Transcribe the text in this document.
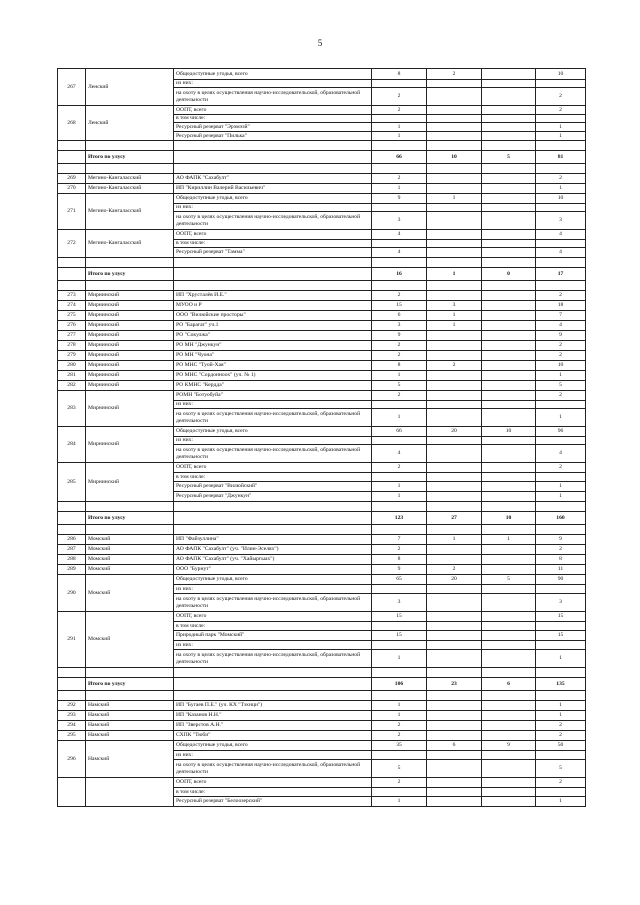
5
267	Ленский	Общедоступные угодья, всего	8	2		10
		из них:				
		на охоту в целях осуществления научно-исследовательской, образовательной деятельности	2			2
268	Ленский	ООПТ, всего	2			2
		в том числе:				
		Ресурсный резерват "Эрэмээй"	1			1
		Ресурсный резерват "Пилька"	1			1

	Итого по улусу		66	10	5	81

269	Мегино-Кангаласский	АО ФАПК "Сахабулт"	2			2
270	Мегино-Кангаласский	ИП "Кириллин Валерий Васильевич"	1			1
271	Мегино-Кангаласский	Общедоступные угодья, всего	9	1		10
		из них:				
		на охоту в целях осуществления научно-исследовательской, образовательной деятельности	3			3
272	Мегино-Кангаласский	ООПТ, всего	4			4
		в том числе:				
		Ресурсный резерват "Тамма"	4			4

	Итого по улусу		16	1	0	17

273	Мирнинский	ИП "Хрусталёв И.Е."	2			2
274	Мирнинский	МУОО и Р	15	3		18
275	Мирнинский	ООО "Вилюйские просторы"	6	1		7
276	Мирнинский	РО "Барагат" уч.1	3	1		4
277	Мирнинский	РО "Сокулжа"	9			9
278	Мирнинский	РО МН "Джункун"	2			2
279	Мирнинский	РО МН "Чуона"	2			2
280	Мирнинский	РО МНС "Туой-Хая"	8	2		10
281	Мирнинский	РО МНС "Сордонноох" (уч. № 1)	1			1
282	Мирнинский	РО КМНС "Кердда"	5			5
283	Мирнинский	РОМН "Ботуобуйа"	2			2
		из них:				
		на охоту в целях осуществления научно-исследовательской, образовательной деятельности	1			1
284	Мирнинский	Общедоступные угодья, всего	66	20	10	96
		из них:				
		на охоту в целях осуществления научно-исследовательской, образовательной деятельности	4			4
285	Мирнинский	ООПТ, всего	2			2
		в том числе:				
		Ресурсный резерват "Вилюйский"	1			1
		Ресурсный резерват "Джункун"	1			1

	Итого по улусу		123	27	10	160

286	Момский	ИП "Файзуллина"	7	1	1	9
287	Момский	АО ФАПК "Сахабулт" (уч. "Илин-Эселях")	2			2
288	Момский	АО ФАПК "Сахабулт" (уч. "Хайыргыах")	8			8
289	Момский	ООО "Бурнут"	9	2		11
290	Момский	Общедоступные угодья, всего	65	20	5	90
		из них:				
		на охоту в целях осуществления научно-исследовательской, образовательной деятельности	3			3
291	Момский	ООПТ, всего	15			15
		в том числе:				
		Природный парк "Момский"	15			15
		из них:				
		на охоту в целях осуществления научно-исследовательской, образовательной деятельности	1			1

	Итого по улусу		106	23	6	135

292	Намский	ИП "Бугаев П.Е." (уч. КХ "Тэхнци")	1			1
293	Намский	ИП "Казанов Н.Н."	1			1
294	Намский	ИП "Зверстов А.Н."	2			2
295	Намский	СХПК "Тюби"	2			2
296	Намский	Общедоступные угодья, всего	35	6	9	50
		из них:				
		на охоту в целях осуществления научно-исследовательской, образовательной деятельности	5			5
		ООПТ, всего	2			2
		в том числе:				
		Ресурсный резерват "Белоозерский"	1			1
